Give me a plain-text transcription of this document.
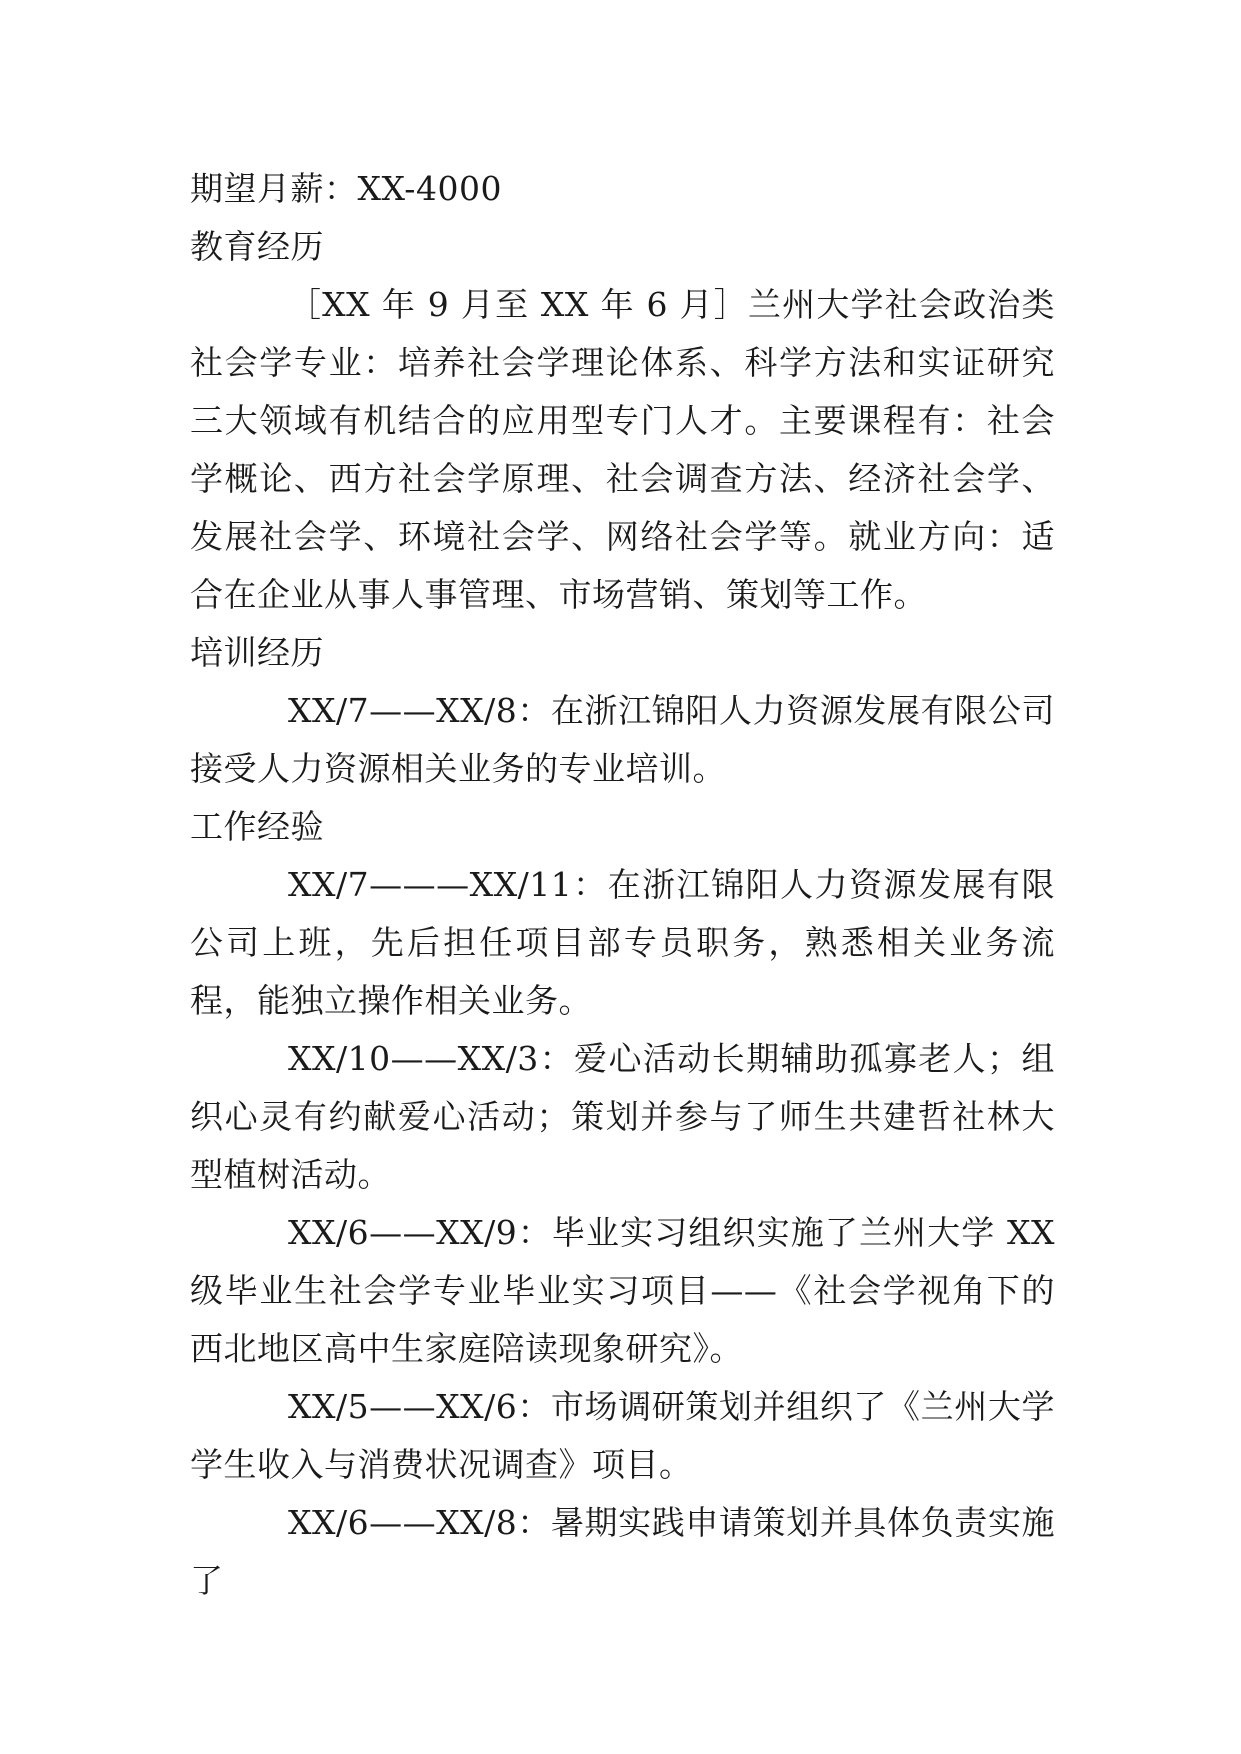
期望月薪：XX-4000

教育经历

［XX 年 9 月至 XX 年 6 月］兰州大学社会政治类社会学专业：培养社会学理论体系、科学方法和实证研究三大领域有机结合的应用型专门人才。主要课程有：社会学概论、西方社会学原理、社会调查方法、经济社会学、发展社会学、环境社会学、网络社会学等。就业方向：适合在企业从事人事管理、市场营销、策划等工作。

培训经历

XX/7——XX/8：在浙江锦阳人力资源发展有限公司接受人力资源相关业务的专业培训。

工作经验

XX/7———XX/11：在浙江锦阳人力资源发展有限公司上班，先后担任项目部专员职务，熟悉相关业务流程，能独立操作相关业务。

XX/10——XX/3：爱心活动长期辅助孤寡老人；组织心灵有约献爱心活动；策划并参与了师生共建哲社林大型植树活动。

XX/6——XX/9：毕业实习组织实施了兰州大学 XX 级毕业生社会学专业毕业实习项目——《社会学视角下的西北地区高中生家庭陪读现象研究》。

XX/5——XX/6：市场调研策划并组织了《兰州大学学生收入与消费状况调查》项目。

XX/6——XX/8：暑期实践申请策划并具体负责实施了
